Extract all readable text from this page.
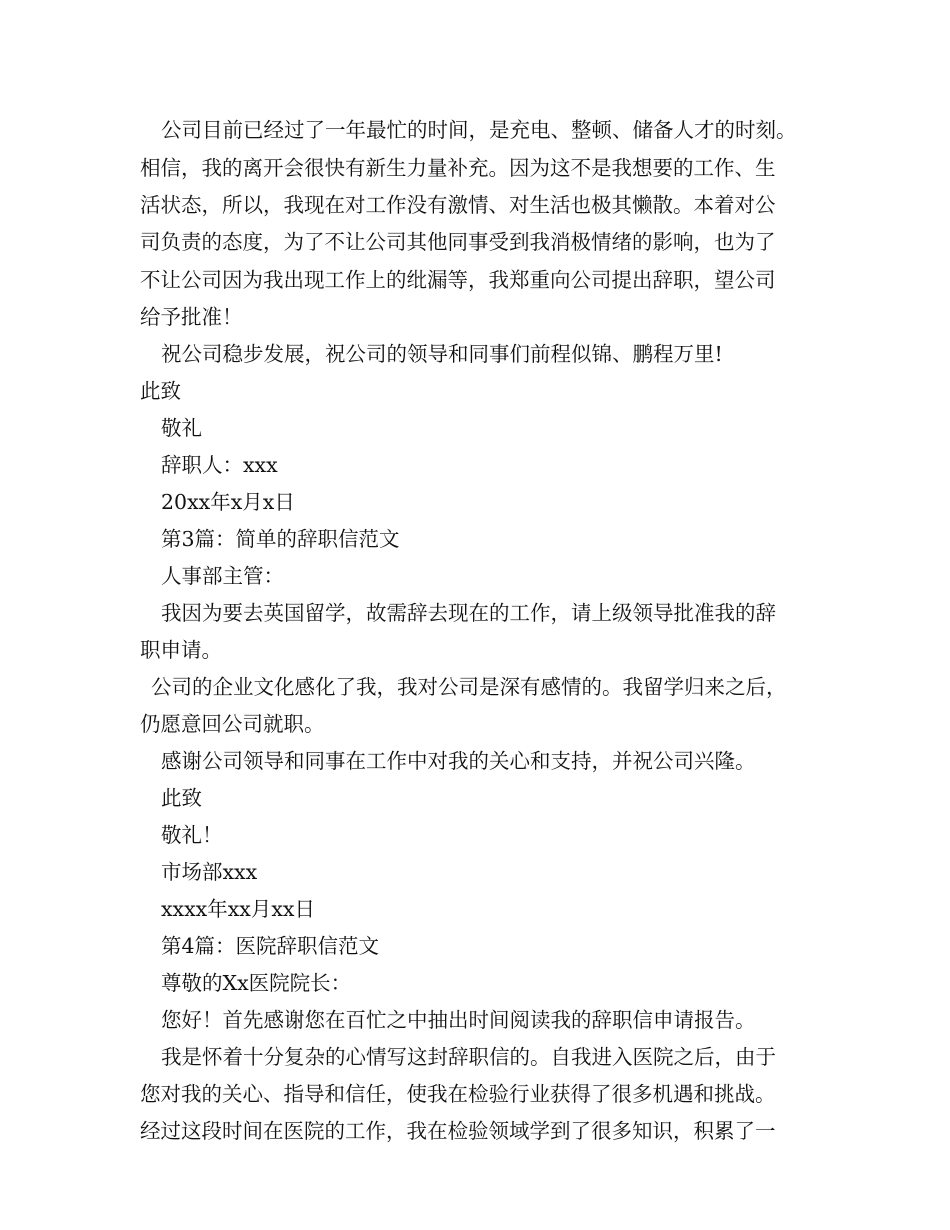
公司目前已经过了一年最忙的时间，是充电、整顿、储备人才的时刻。

相信，我的离开会很快有新生力量补充。因为这不是我想要的工作、生

活状态，所以，我现在对工作没有激情、对生活也极其懒散。本着对公

司负责的态度，为了不让公司其他同事受到我消极情绪的影响，也为了

不让公司因为我出现工作上的纰漏等，我郑重向公司提出辞职，望公司

给予批准！

祝公司稳步发展，祝公司的领导和同事们前程似锦、鹏程万里!

此致

敬礼

辞职人：xxx

20xx年x月x日

第3篇：简单的辞职信范文

人事部主管：

我因为要去英国留学，故需辞去现在的工作，请上级领导批准我的辞

职申请。

公司的企业文化感化了我，我对公司是深有感情的。我留学归来之后，

仍愿意回公司就职。

感谢公司领导和同事在工作中对我的关心和支持，并祝公司兴隆。

此致

敬礼！

市场部xxx

xxxx年xx月xx日

第4篇：医院辞职信范文

尊敬的Xx医院院长：

您好！首先感谢您在百忙之中抽出时间阅读我的辞职信申请报告。

我是怀着十分复杂的心情写这封辞职信的。自我进入医院之后，由于

您对我的关心、指导和信任，使我在检验行业获得了很多机遇和挑战。

经过这段时间在医院的工作，我在检验领域学到了很多知识，积累了一
